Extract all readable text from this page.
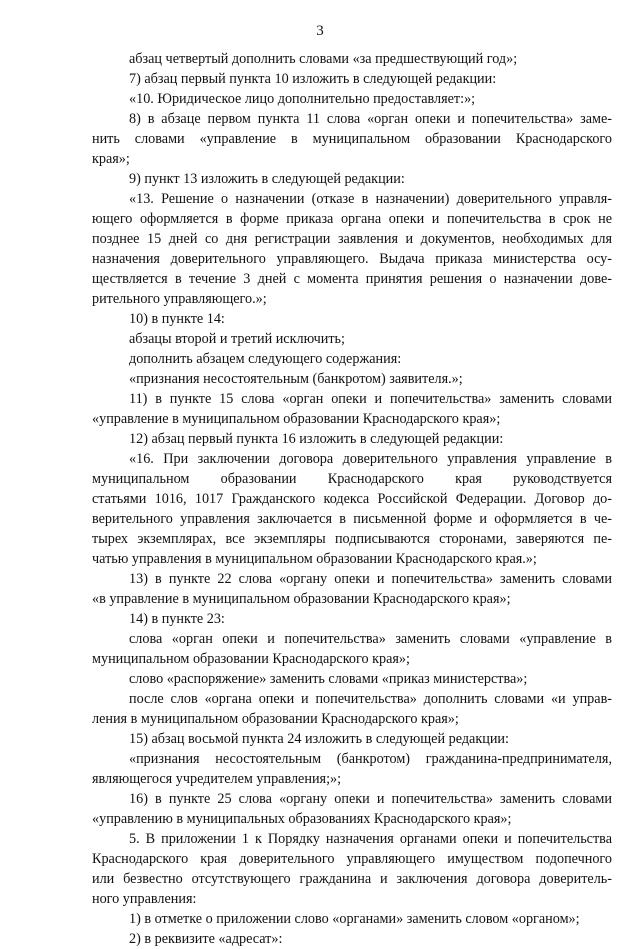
3
абзац четвертый дополнить словами «за предшествующий год»;
7) абзац первый пункта 10 изложить в следующей редакции:
«10. Юридическое лицо дополнительно предоставляет:»;
8) в абзаце первом пункта 11 слова «орган опеки и попечительства» заме-
нить словами «управление в муниципальном образовании Краснодарского
края»;
9) пункт 13 изложить в следующей редакции:
«13. Решение о назначении (отказе в назначении) доверительного управля-
ющего оформляется в форме приказа органа опеки и попечительства в срок не
позднее 15 дней со дня регистрации заявления и документов, необходимых для
назначения доверительного управляющего. Выдача приказа министерства осу-
ществляется в течение 3 дней с момента принятия решения о назначении дове-
рительного управляющего.»;
10) в пункте 14:
абзацы второй и третий исключить;
дополнить абзацем следующего содержания:
«признания несостоятельным (банкротом) заявителя.»;
11) в пункте 15 слова «орган опеки и попечительства» заменить словами
«управление в муниципальном образовании Краснодарского края»;
12) абзац первый пункта 16 изложить в следующей редакции:
«16. При заключении договора доверительного управления управление в
муниципальном образовании Краснодарского края руководствуется
статьями 1016, 1017 Гражданского кодекса Российской Федерации. Договор до-
верительного управления заключается в письменной форме и оформляется в че-
тырех экземплярах, все экземпляры подписываются сторонами, заверяются пе-
чатью управления в муниципальном образовании Краснодарского края.»;
13) в пункте 22 слова «органу опеки и попечительства» заменить словами
«в управление в муниципальном образовании Краснодарского края»;
14) в пункте 23:
слова «орган опеки и попечительства» заменить словами «управление в
муниципальном образовании Краснодарского края»;
слово «распоряжение» заменить словами «приказ министерства»;
после слов «органа опеки и попечительства» дополнить словами «и управ-
ления в муниципальном образовании Краснодарского края»;
15) абзац восьмой пункта 24 изложить в следующей редакции:
«признания несостоятельным (банкротом) гражданина-предпринимателя,
являющегося учредителем управления;»;
16) в пункте 25 слова «органу опеки и попечительства» заменить словами
«управлению в муниципальных образованиях Краснодарского края»;
5. В приложении 1 к Порядку назначения органами опеки и попечительства
Краснодарского края доверительного управляющего имуществом подопечного
или безвестно отсутствующего гражданина и заключения договора доверитель-
ного управления:
1) в отметке о приложении слово «органами» заменить словом «органом»;
2) в реквизите «адресат»:
